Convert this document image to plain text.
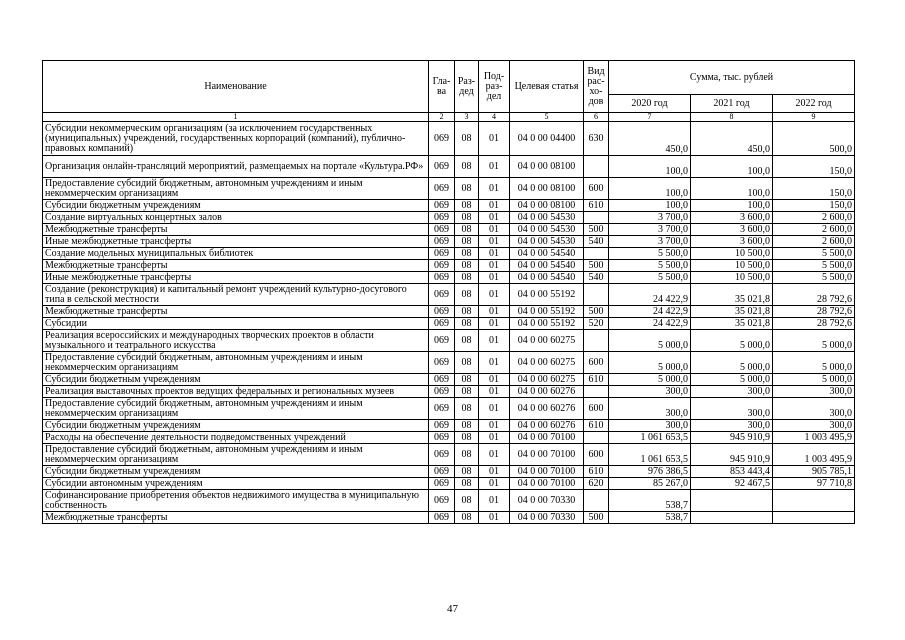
Наименование	Гла-ва	Раз-дед	Под-раз-дел	Целевая статья	Вид рас-хо-дов	Сумма, тыс. рублей		
						2020 год	2021 год	2022 год
1	2	3	4	5	6	7	8	9
Субсидии некоммерческим организациям (за исключением государственных (муниципальных) учреждений, государственных корпораций (компаний), публично-правовых компаний)	069	08	01	04 0 00 04400	630	450,0	450,0	500,0
Организация онлайн-трансляций мероприятий, размещаемых на портале «Культура.РФ»	069	08	01	04 0 00 08100		100,0	100,0	150,0
Предоставление субсидий бюджетным, автономным учреждениям и иным некоммерческим организациям	069	08	01	04 0 00 08100	600	100,0	100,0	150,0
Субсидии бюджетным учреждениям	069	08	01	04 0 00 08100	610	100,0	100,0	150,0
Создание виртуальных концертных залов	069	08	01	04 0 00 54530		3 700,0	3 600,0	2 600,0
Межбюджетные трансферты	069	08	01	04 0 00 54530	500	3 700,0	3 600,0	2 600,0
Иные межбюджетные трансферты	069	08	01	04 0 00 54530	540	3 700,0	3 600,0	2 600,0
Создание модельных муниципальных библиотек	069	08	01	04 0 00 54540		5 500,0	10 500,0	5 500,0
Межбюджетные трансферты	069	08	01	04 0 00 54540	500	5 500,0	10 500,0	5 500,0
Иные межбюджетные трансферты	069	08	01	04 0 00 54540	540	5 500,0	10 500,0	5 500,0
Создание (реконструкция) и капитальный ремонт учреждений культурно-досугового типа в сельской местности	069	08	01	04 0 00 55192		24 422,9	35 021,8	28 792,6
Межбюджетные трансферты	069	08	01	04 0 00 55192	500	24 422,9	35 021,8	28 792,6
Субсидии	069	08	01	04 0 00 55192	520	24 422,9	35 021,8	28 792,6
Реализация всероссийских и международных творческих проектов в области музыкального и театрального искусства	069	08	01	04 0 00 60275		5 000,0	5 000,0	5 000,0
Предоставление субсидий бюджетным, автономным учреждениям и иным некоммерческим организациям	069	08	01	04 0 00 60275	600	5 000,0	5 000,0	5 000,0
Субсидии бюджетным учреждениям	069	08	01	04 0 00 60275	610	5 000,0	5 000,0	5 000,0
Реализация выставочных проектов ведущих федеральных и региональных музеев	069	08	01	04 0 00 60276		300,0	300,0	300,0
Предоставление субсидий бюджетным, автономным учреждениям и иным некоммерческим организациям	069	08	01	04 0 00 60276	600	300,0	300,0	300,0
Субсидии бюджетным учреждениям	069	08	01	04 0 00 60276	610	300,0	300,0	300,0
Расходы на обеспечение деятельности подведомственных учреждений	069	08	01	04 0 00 70100		1 061 653,5	945 910,9	1 003 495,9
Предоставление субсидий бюджетным, автономным учреждениям и иным некоммерческим организациям	069	08	01	04 0 00 70100	600	1 061 653,5	945 910,9	1 003 495,9
Субсидии бюджетным учреждениям	069	08	01	04 0 00 70100	610	976 386,5	853 443,4	905 785,1
Субсидии автономным учреждениям	069	08	01	04 0 00 70100	620	85 267,0	92 467,5	97 710,8
Софинансирование приобретения объектов недвижимого имущества в муниципальную собственность	069	08	01	04 0 00 70330		538,7		
Межбюджетные трансферты	069	08	01	04 0 00 70330	500	538,7		
47
